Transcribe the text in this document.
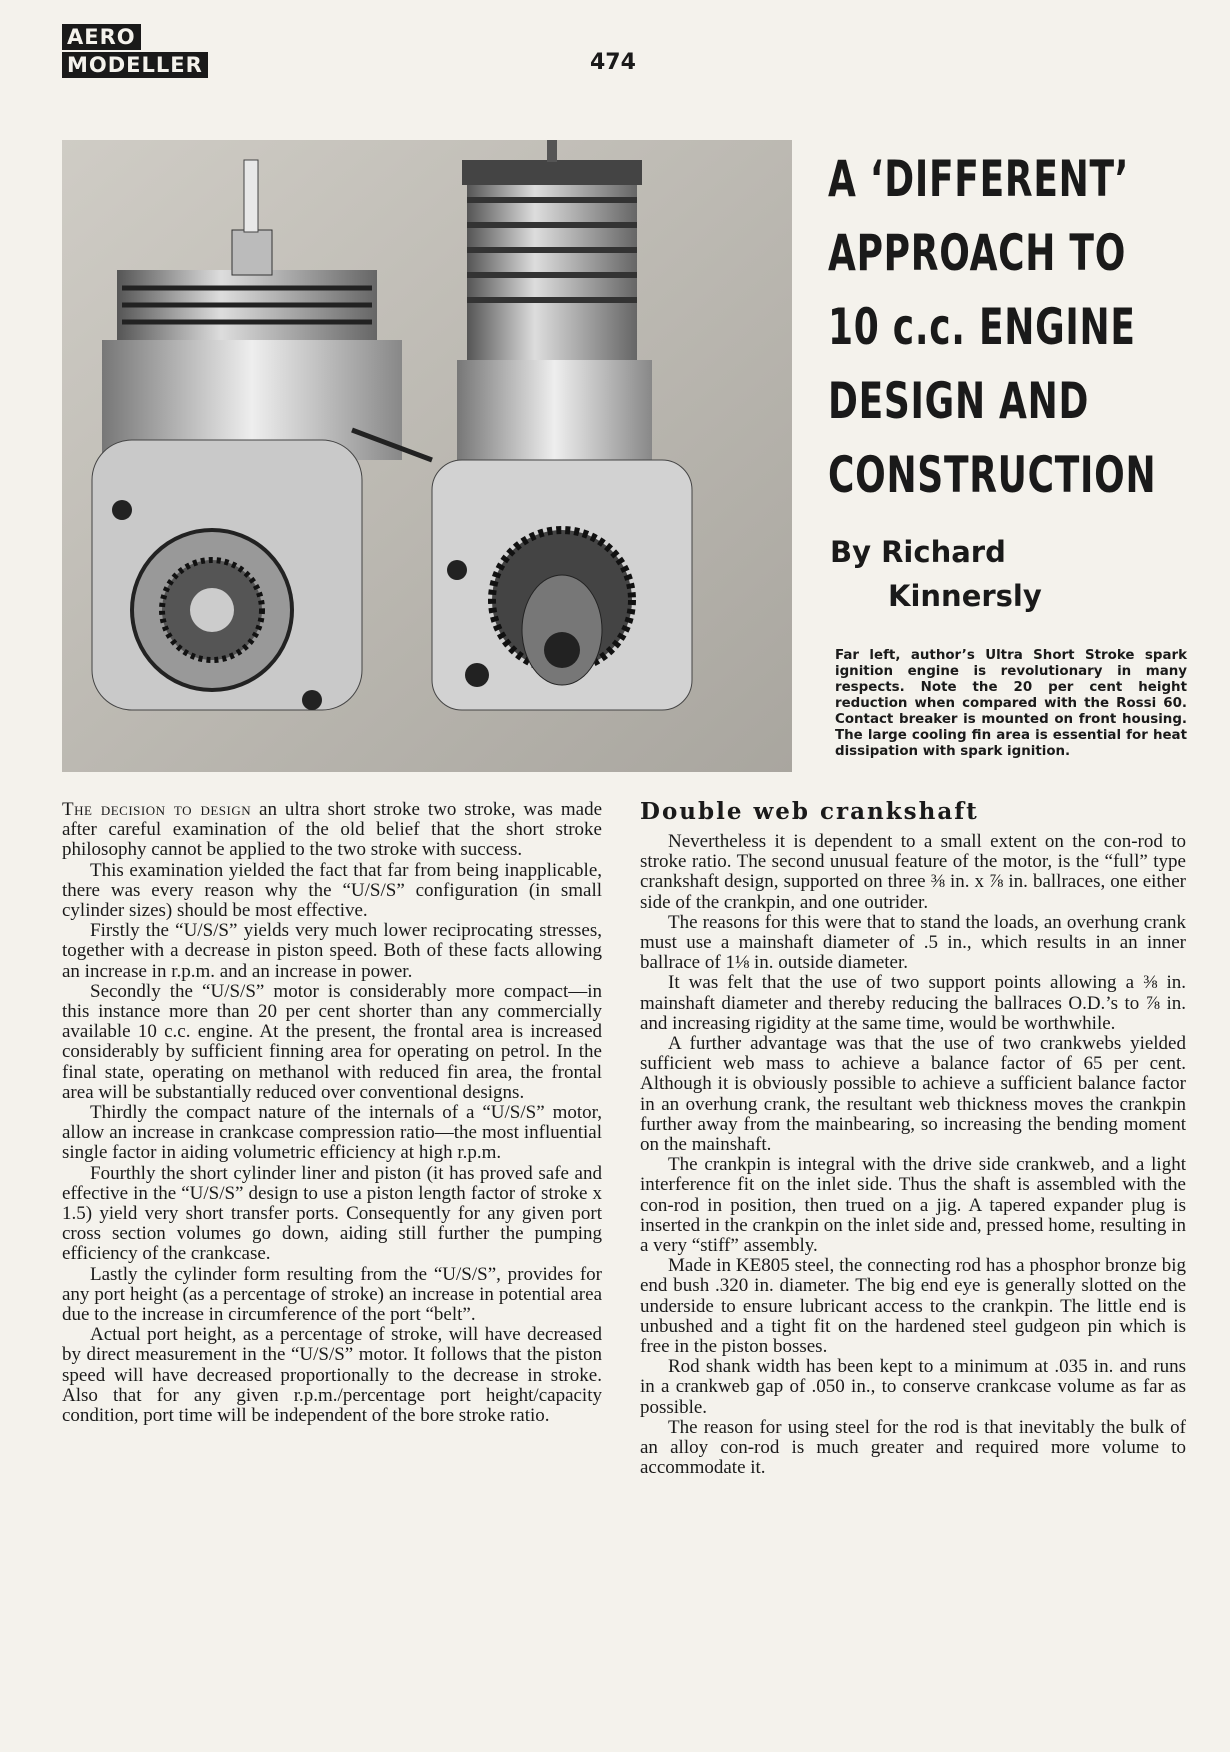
AERO
MODELLER	474
A ‘DIFFERENT’
APPROACH TO
10 c.c. ENGINE
DESIGN AND
CONSTRUCTION
By Richard
Kinnersly
Far left, author’s Ultra Short Stroke spark ignition engine is revolutionary in many respects. Note the 20 per cent height reduction when compared with the Rossi 60. Contact breaker is mounted on front housing. The large cooling fin area is essential for heat dissipation with spark ignition.

The decision to design an ultra short stroke two stroke, was made after careful examination of the old belief that the short stroke philosophy cannot be applied to the two stroke with success.

This examination yielded the fact that far from being inapplicable, there was every reason why the “U/S/S” configuration (in small cylinder sizes) should be most effective.

Firstly the “U/S/S” yields very much lower reciprocating stresses, together with a decrease in piston speed. Both of these facts allowing an increase in r.p.m. and an increase in power.

Secondly the “U/S/S” motor is considerably more compact—in this instance more than 20 per cent shorter than any commercially available 10 c.c. engine. At the present, the frontal area is increased considerably by sufficient finning area for operating on petrol. In the final state, operating on methanol with reduced fin area, the frontal area will be substantially reduced over conventional designs.

Thirdly the compact nature of the internals of a “U/S/S” motor, allow an increase in crankcase compression ratio—the most influential single factor in aiding volumetric efficiency at high r.p.m.

Fourthly the short cylinder liner and piston (it has proved safe and effective in the “U/S/S” design to use a piston length factor of stroke x 1.5) yield very short transfer ports. Consequently for any given port cross section volumes go down, aiding still further the pumping efficiency of the crankcase.

Lastly the cylinder form resulting from the “U/S/S”, provides for any port height (as a percentage of stroke) an increase in potential area due to the increase in circumference of the port “belt”.

Actual port height, as a percentage of stroke, will have decreased by direct measurement in the “U/S/S” motor. It follows that the piston speed will have decreased proportionally to the decrease in stroke. Also that for any given r.p.m./percentage port height/capacity condition, port time will be independent of the bore stroke ratio.

Double web crankshaft

Nevertheless it is dependent to a small extent on the con-rod to stroke ratio. The second unusual feature of the motor, is the “full” type crankshaft design, supported on three ⅜ in. x ⅞ in. ballraces, one either side of the crankpin, and one outrider.

The reasons for this were that to stand the loads, an overhung crank must use a mainshaft diameter of .5 in., which results in an inner ballrace of 1⅛ in. outside diameter.

It was felt that the use of two support points allowing a ⅜ in. mainshaft diameter and thereby reducing the ballraces O.D.’s to ⅞ in. and increasing rigidity at the same time, would be worthwhile.

A further advantage was that the use of two crankwebs yielded sufficient web mass to achieve a balance factor of 65 per cent. Although it is obviously possible to achieve a sufficient balance factor in an overhung crank, the resultant web thickness moves the crankpin further away from the mainbearing, so increasing the bending moment on the mainshaft.

The crankpin is integral with the drive side crankweb, and a light interference fit on the inlet side. Thus the shaft is assembled with the con-rod in position, then trued on a jig. A tapered expander plug is inserted in the crankpin on the inlet side and, pressed home, resulting in a very “stiff” assembly.

Made in KE805 steel, the connecting rod has a phosphor bronze big end bush .320 in. diameter. The big end eye is generally slotted on the underside to ensure lubricant access to the crankpin. The little end is unbushed and a tight fit on the hardened steel gudgeon pin which is free in the piston bosses.

Rod shank width has been kept to a minimum at .035 in. and runs in a crankweb gap of .050 in., to conserve crankcase volume as far as possible.

The reason for using steel for the rod is that inevitably the bulk of an alloy con-rod is much greater and required more volume to accommodate it.
